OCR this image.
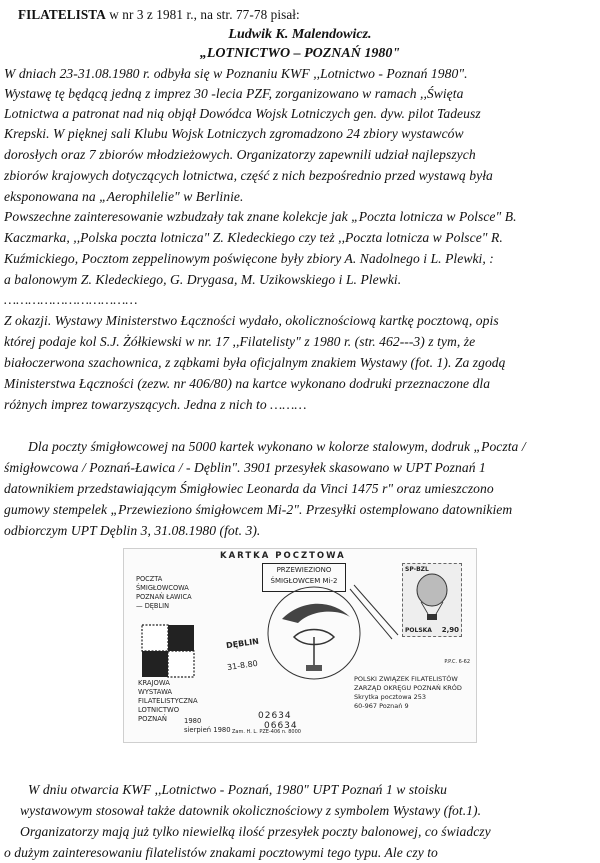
FILATELISTA w nr 3 z 1981 r., na str. 77-78 pisał:
Ludwik K. Malendowicz.
„LOTNICTWO – POZNAŃ 1980"
W dniach 23-31.08.1980 r. odbyła się w Poznaniu KWF ,,Lotnictwo - Poznań 1980".
Wystawę tę będącą jedną z imprez 30 -lecia PZF, zorganizowano w ramach ,,Święta
Lotnictwa a patronat nad nią objął Dowódca Wojsk Lotniczych gen. dyw. pilot Tadeusz
Krepski. W pięknej sali Klubu Wojsk Lotniczych zgromadzono 24 zbiory wystawców
dorosłych oraz 7 zbiorów młodzieżowych. Organizatorzy zapewnili udział najlepszych
zbiorów krajowych dotyczących lotnictwa, część z nich bezpośrednio przed wystawą była
eksponowana na „Aerophilelie" w Berlinie.
Powszechne zainteresowanie wzbudzały tak znane kolekcje jak „Poczta lotnicza w Polsce" B.
Kaczmarka, ,,Polska poczta lotnicza" Z. Kledeckiego czy też ,,Poczta lotnicza w Polsce" R.
Kuźmickiego, Pocztom zeppelinowym poświęcone były zbiory A. Nadolnego i L. Plewki, :
a balonowym Z. Kledeckiego, G. Drygasa, M. Uzikowskiego i L. Plewki.
……………………………
Z okazji. Wystawy Ministerstwo Łączności wydało, okolicznościową kartkę pocztową, opis
której podaje kol S.J. Żółkiewski w nr. 17 ,,Filatelisty" z 1980 r. (str. 462---3) z tym, że
białoczerwona szachownica, z ząbkami była oficjalnym znakiem Wystawy (fot. 1). Za zgodą
Ministerstwa Łączności (zezw. nr 406/80) na kartce wykonano dodruki przeznaczone dla
różnych imprez towarzyszących. Jedna z nich to ………
Dla poczty śmigłowcowej na 5000 kartek wykonano w kolorze stalowym, dodruk „Poczta /
śmigłowcowa / Poznań-Ławica / - Dęblin". 3901 przesyłek skasowano w UPT Poznań 1
datownikiem przedstawiającym Śmigłowiec Leonarda da Vinci 1475 r" oraz umieszczono
gumowy stempelek „Przewieziono śmigłowcem Mi-2". Przesyłki ostemplowano datownikiem
odbiorczym UPT Dęblin 3, 31.08.1980 (fot. 3).
KARTKA POCZTOWA
PRZEWIEZIONO
ŚMIGŁOWCEM Mi-2
POCZTA
ŚMIGŁOWCOWA
POZNAŃ ŁAWICA
— DĘBLIN
KRAJOWA
WYSTAWA
FILATELISTYCZNA
LOTNICTWO
POZNAŃ	1980
sierpień 1980
DĘBLIN
31-8.80
SP-BZL
POLSKA 2,90
P.P.C. 6-62
POLSKI ZWIĄZEK FILATELISTÓW
ZARZĄD OKRĘGU POZNAŃ KRÓD
Skrytka pocztowa 253
60-967 Poznań 9
02634
06634
Zam. H. L. PZE-406 n. 8000
W dniu otwarcia KWF ,,Lotnictwo - Poznań, 1980" UPT Poznań 1 w stoisku
wystawowym stosował także datownik okolicznościowy z symbolem Wystawy (fot.1).
Organizatorzy mają już tylko niewielką ilość przesyłek poczty balonowej, co świadczy
o dużym zainteresowaniu filatelistów znakami pocztowymi tego typu. Ale czy to
